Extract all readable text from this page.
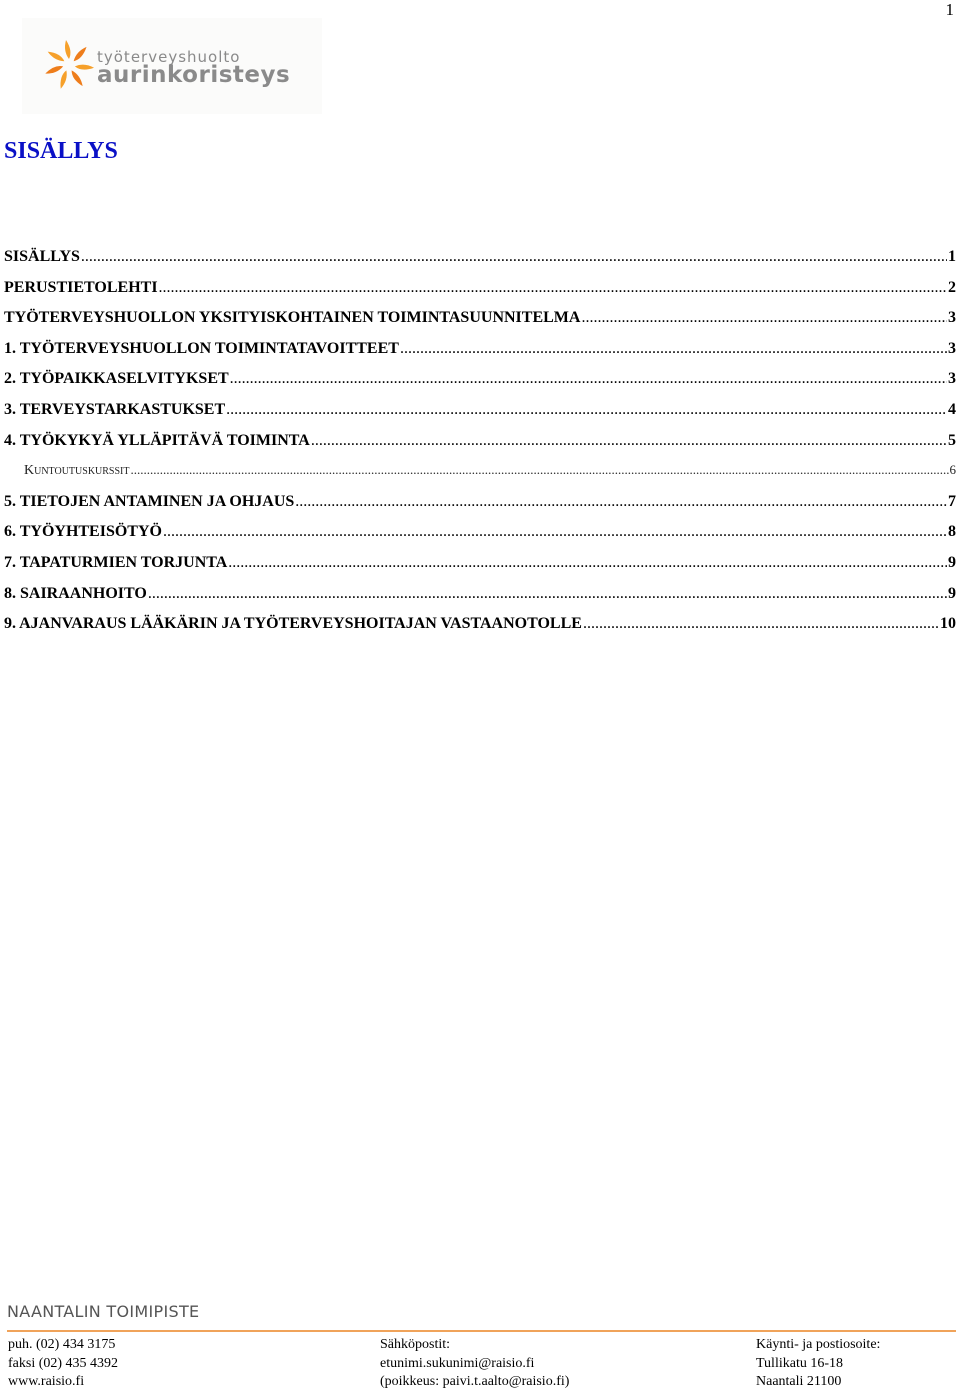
1
työterveyshuolto
aurinkoristeys
SISÄLLYS
SISÄLLYS .....	1
PERUSTIETOLEHTI .....	2
TYÖTERVEYSHUOLLON YKSITYISKOHTAINEN TOIMINTASUUNNITELMA .....	3
1. TYÖTERVEYSHUOLLON TOIMINTATAVOITTEET .....	3
2. TYÖPAIKKASELVITYKSET .....	3
3. TERVEYSTARKASTUKSET .....	4
4. TYÖKYKYÄ YLLÄPITÄVÄ TOIMINTA .....	5
Kuntoutuskurssit .....	6
5. TIETOJEN ANTAMINEN JA OHJAUS .....	7
6. TYÖYHTEISÖTYÖ .....	8
7. TAPATURMIEN TORJUNTA .....	9
8. SAIRAANHOITO .....	9
9. AJANVARAUS LÄÄKÄRIN JA TYÖTERVEYSHOITAJAN VASTAANOTOLLE .....	10
NAANTALIN TOIMIPISTE
puh. (02) 434 3175
faksi (02) 435 4392
www.raisio.fi
Sähköpostit:
etunimi.sukunimi@raisio.fi
(poikkeus: paivi.t.aalto@raisio.fi)
Käynti- ja postiosoite:
Tullikatu 16-18
Naantali 21100
